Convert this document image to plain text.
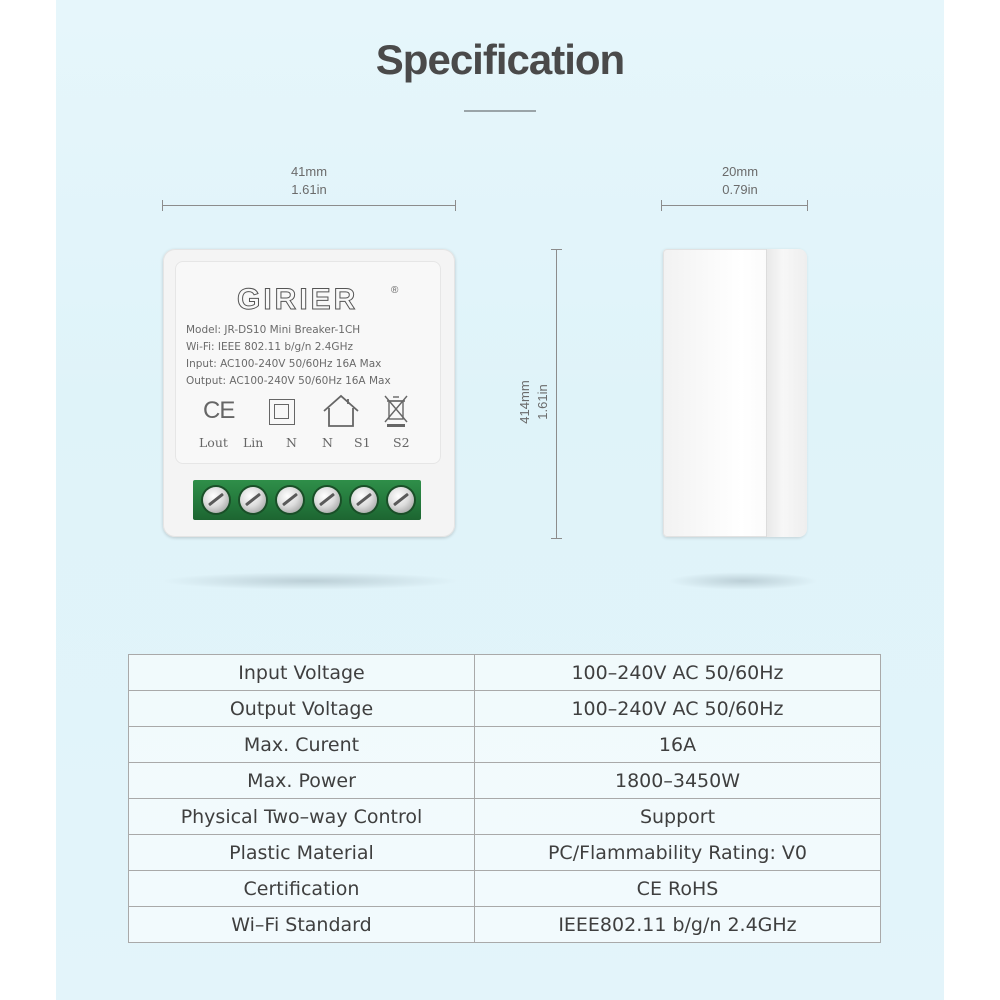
Specification
41mm
1.61in
20mm
0.79in
414mm 1.61in
GIRIER	®
Model: JR-DS10 Mini Breaker-1CH
Wi-Fi: IEEE 802.11 b/g/n 2.4GHz
Input: AC100-240V 50/60Hz 16A Max
Output: AC100-240V 50/60Hz 16A Max
CE
Lout Lin N N S1 S2
Input Voltage	100–240V AC 50/60Hz
Output Voltage	100–240V AC 50/60Hz
Max. Curent	16A
Max. Power	1800–3450W
Physical Two–way Control	Support
Plastic Material	PC/Flammability Rating: V0
Certification	CE RoHS
Wi–Fi Standard	IEEE802.11 b/g/n 2.4GHz
